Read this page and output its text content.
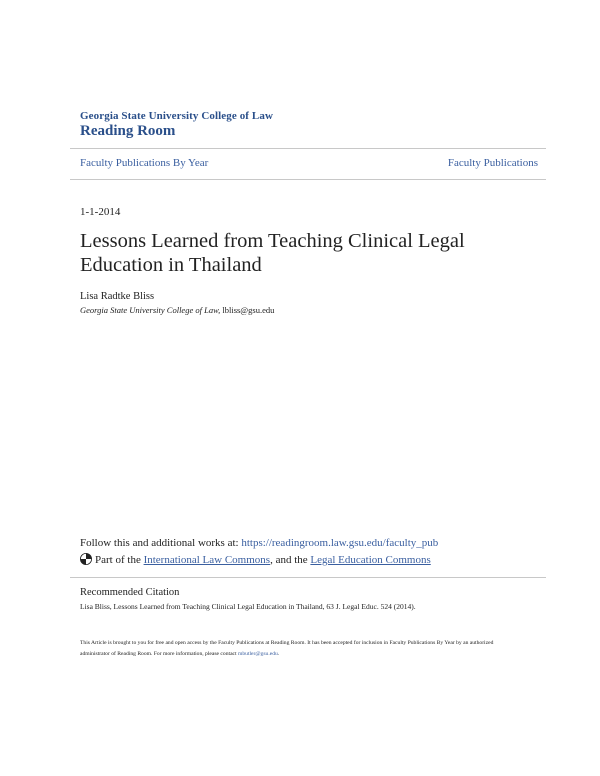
Georgia State University College of Law
Reading Room
Faculty Publications By Year	Faculty Publications
1-1-2014
Lessons Learned from Teaching Clinical Legal Education in Thailand
Lisa Radtke Bliss
Georgia State University College of Law, lbliss@gsu.edu
Follow this and additional works at: https://readingroom.law.gsu.edu/faculty_pub
Part of the International Law Commons, and the Legal Education Commons
Recommended Citation
Lisa Bliss, Lessons Learned from Teaching Clinical Legal Education in Thailand, 63 J. Legal Educ. 524 (2014).
This Article is brought to you for free and open access by the Faculty Publications at Reading Room. It has been accepted for inclusion in Faculty Publications By Year by an authorized administrator of Reading Room. For more information, please contact mbutler@gsu.edu.
